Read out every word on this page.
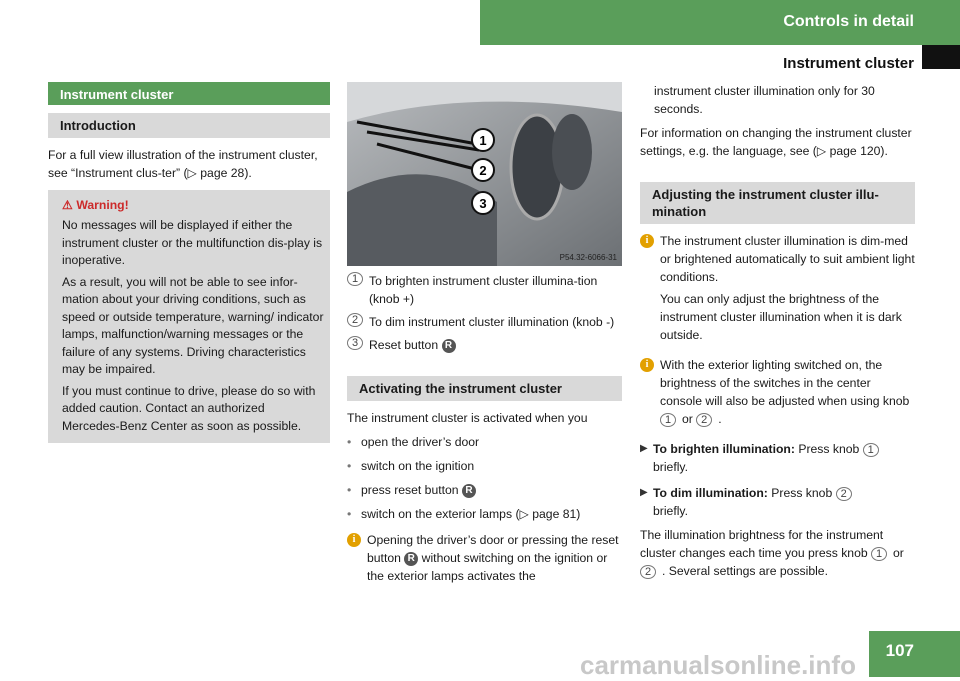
Controls in detail
Instrument cluster
Instrument cluster
Introduction

For a full view illustration of the instrument cluster, see “Instrument clus-ter” (▷ page 28).

⚠ Warning!

No messages will be displayed if either the instrument cluster or the multifunction dis-play is inoperative.

As a result, you will not be able to see infor-mation about your driving conditions, such as speed or outside temperature, warning/ indicator lamps, malfunction/warning messages or the failure of any systems. Driving characteristics may be impaired.

If you must continue to drive, please do so with added caution. Contact an authorized Mercedes-Benz Center as soon as possible.

1
2
3
P54.32-6066-31
1 To brighten instrument cluster illumina-tion (knob +)
2 To dim instrument cluster illumination (knob -)
3 Reset button R
Activating the instrument cluster

The instrument cluster is activated when you

• open the driver’s door
• switch on the ignition
• press reset button R
• switch on the exterior lamps (▷ page 81)
i Opening the driver’s door or pressing the reset button R without switching on the ignition or the exterior lamps activates the

instrument cluster illumination only for 30 seconds.

For information on changing the instrument cluster settings, e.g. the language, see (▷ page 120).

Adjusting the instrument cluster illu-mination
i The instrument cluster illumination is dim-med or brightened automatically to suit ambient light conditions.

You can only adjust the brightness of the instrument cluster illumination when it is dark outside.

i With the exterior lighting switched on, the brightness of the switches in the center console will also be adjusted when using knob 1 or 2 .

▶ To brighten illumination: Press knob 1
briefly.
▶ To dim illumination: Press knob 2
briefly.

The illumination brightness for the instrument cluster changes each time you press knob 1 or 2 . Several settings are possible.

carmanualsonline.info 107
